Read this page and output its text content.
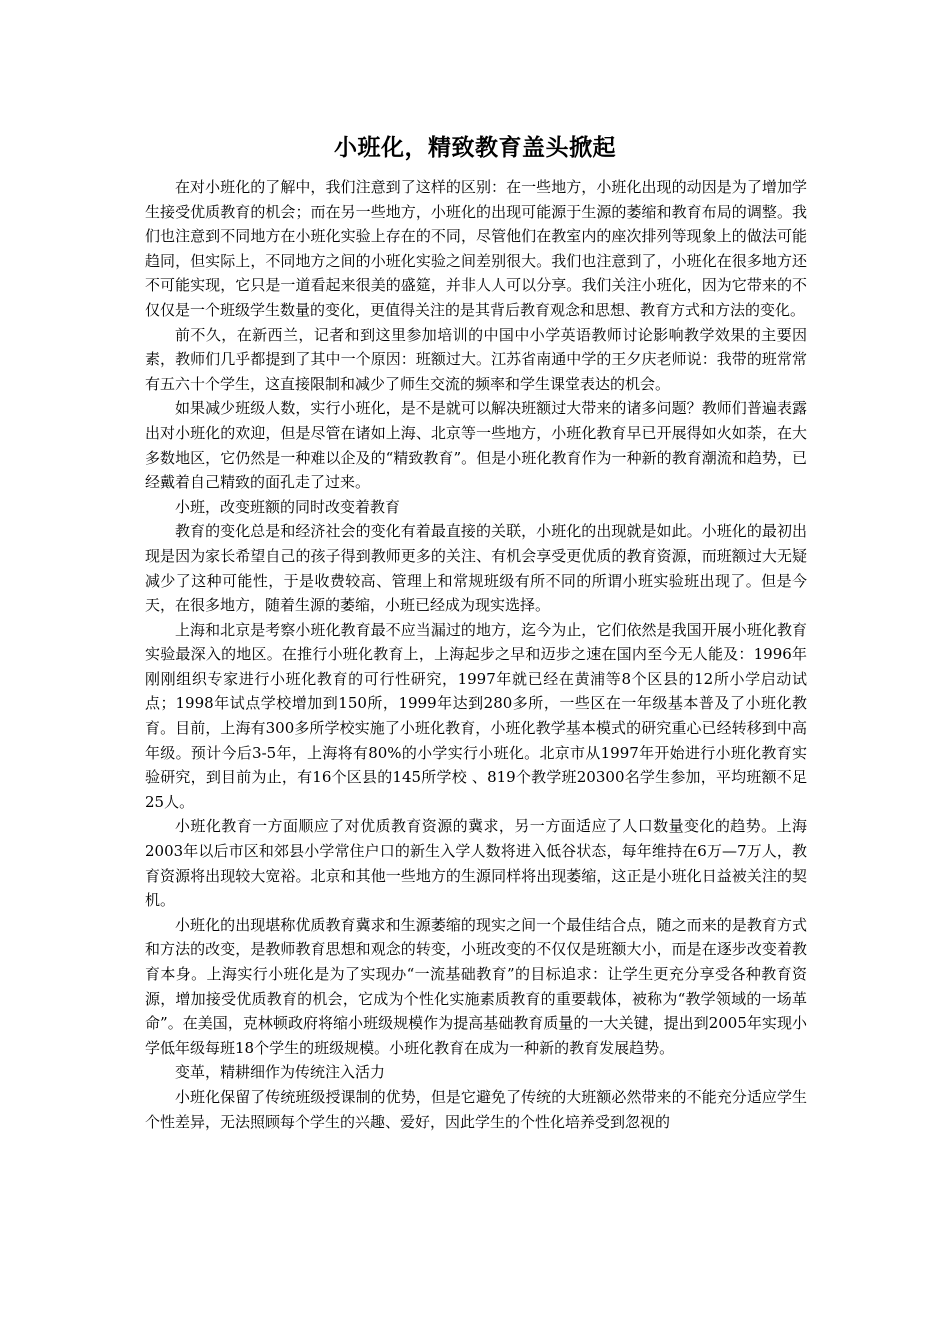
小班化，精致教育盖头掀起

在对小班化的了解中，我们注意到了这样的区别：在一些地方，小班化出现的动因是为了增加学生接受优质教育的机会；而在另一些地方，小班化的出现可能源于生源的萎缩和教育布局的调整。我们也注意到不同地方在小班化实验上存在的不同，尽管他们在教室内的座次排列等现象上的做法可能趋同，但实际上，不同地方之间的小班化实验之间差别很大。我们也注意到了，小班化在很多地方还不可能实现，它只是一道看起来很美的盛筵，并非人人可以分享。我们关注小班化，因为它带来的不仅仅是一个班级学生数量的变化，更值得关注的是其背后教育观念和思想、教育方式和方法的变化。

前不久，在新西兰，记者和到这里参加培训的中国中小学英语教师讨论影响教学效果的主要因素，教师们几乎都提到了其中一个原因：班额过大。江苏省南通中学的王夕庆老师说：我带的班常常有五六十个学生，这直接限制和减少了师生交流的频率和学生课堂表达的机会。

如果减少班级人数，实行小班化，是不是就可以解决班额过大带来的诸多问题？教师们普遍表露出对小班化的欢迎，但是尽管在诸如上海、北京等一些地方，小班化教育早已开展得如火如荼，在大多数地区，它仍然是一种难以企及的“精致教育”。但是小班化教育作为一种新的教育潮流和趋势，已经戴着自己精致的面孔走了过来。

小班，改变班额的同时改变着教育

教育的变化总是和经济社会的变化有着最直接的关联，小班化的出现就是如此。小班化的最初出现是因为家长希望自己的孩子得到教师更多的关注、有机会享受更优质的教育资源，而班额过大无疑减少了这种可能性，于是收费较高、管理上和常规班级有所不同的所谓小班实验班出现了。但是今天，在很多地方，随着生源的萎缩，小班已经成为现实选择。

上海和北京是考察小班化教育最不应当漏过的地方，迄今为止，它们依然是我国开展小班化教育实验最深入的地区。在推行小班化教育上，上海起步之早和迈步之速在国内至今无人能及：1996年刚刚组织专家进行小班化教育的可行性研究，1997年就已经在黄浦等8个区县的12所小学启动试点；1998年试点学校增加到150所，1999年达到280多所，一些区在一年级基本普及了小班化教育。目前，上海有300多所学校实施了小班化教育，小班化教学基本模式的研究重心已经转移到中高年级。预计今后3-5年，上海将有80%的小学实行小班化。北京市从1997年开始进行小班化教育实验研究，到目前为止，有16个区县的145所学校 、819个教学班20300名学生参加，平均班额不足25人。

小班化教育一方面顺应了对优质教育资源的冀求，另一方面适应了人口数量变化的趋势。上海2003年以后市区和郊县小学常住户口的新生入学人数将进入低谷状态，每年维持在6万—7万人，教育资源将出现较大宽裕。北京和其他一些地方的生源同样将出现萎缩，这正是小班化日益被关注的契机。

小班化的出现堪称优质教育冀求和生源萎缩的现实之间一个最佳结合点，随之而来的是教育方式和方法的改变，是教师教育思想和观念的转变，小班改变的不仅仅是班额大小，而是在逐步改变着教育本身。上海实行小班化是为了实现办“一流基础教育”的目标追求：让学生更充分享受各种教育资源，增加接受优质教育的机会，它成为个性化实施素质教育的重要载体，被称为“教学领域的一场革命”。在美国，克林顿政府将缩小班级规模作为提高基础教育质量的一大关键，提出到2005年实现小学低年级每班18个学生的班级规模。小班化教育在成为一种新的教育发展趋势。

变革，精耕细作为传统注入活力

小班化保留了传统班级授课制的优势，但是它避免了传统的大班额必然带来的不能充分适应学生个性差异，无法照顾每个学生的兴趣、爱好，因此学生的个性化培养受到忽视的
